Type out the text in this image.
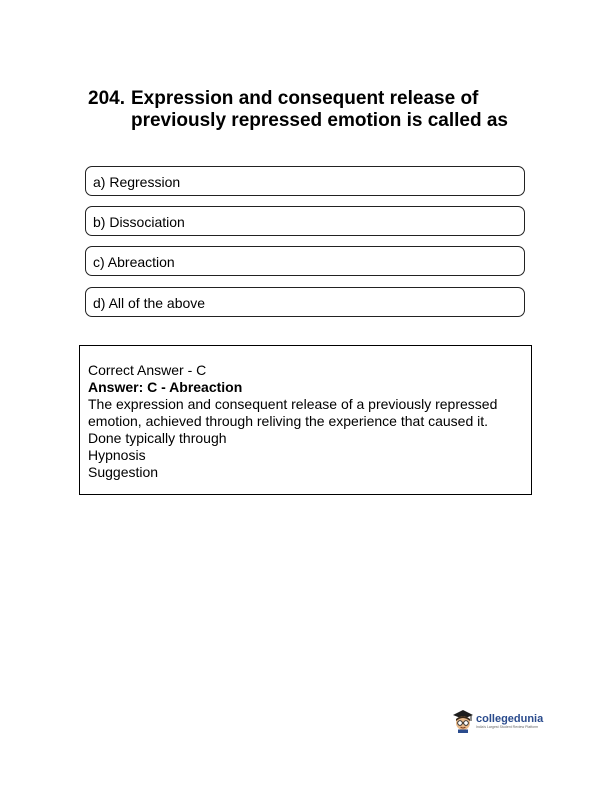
204. Expression and consequent release of previously repressed emotion is called as
a) Regression
b) Dissociation
c) Abreaction
d) All of the above
Correct Answer - C
Answer: C - Abreaction
The expression and consequent release of a previously repressed emotion, achieved through reliving the experience that caused it.
Done typically through
Hypnosis
Suggestion
collegedunia
India's Largest Student Review Platform
